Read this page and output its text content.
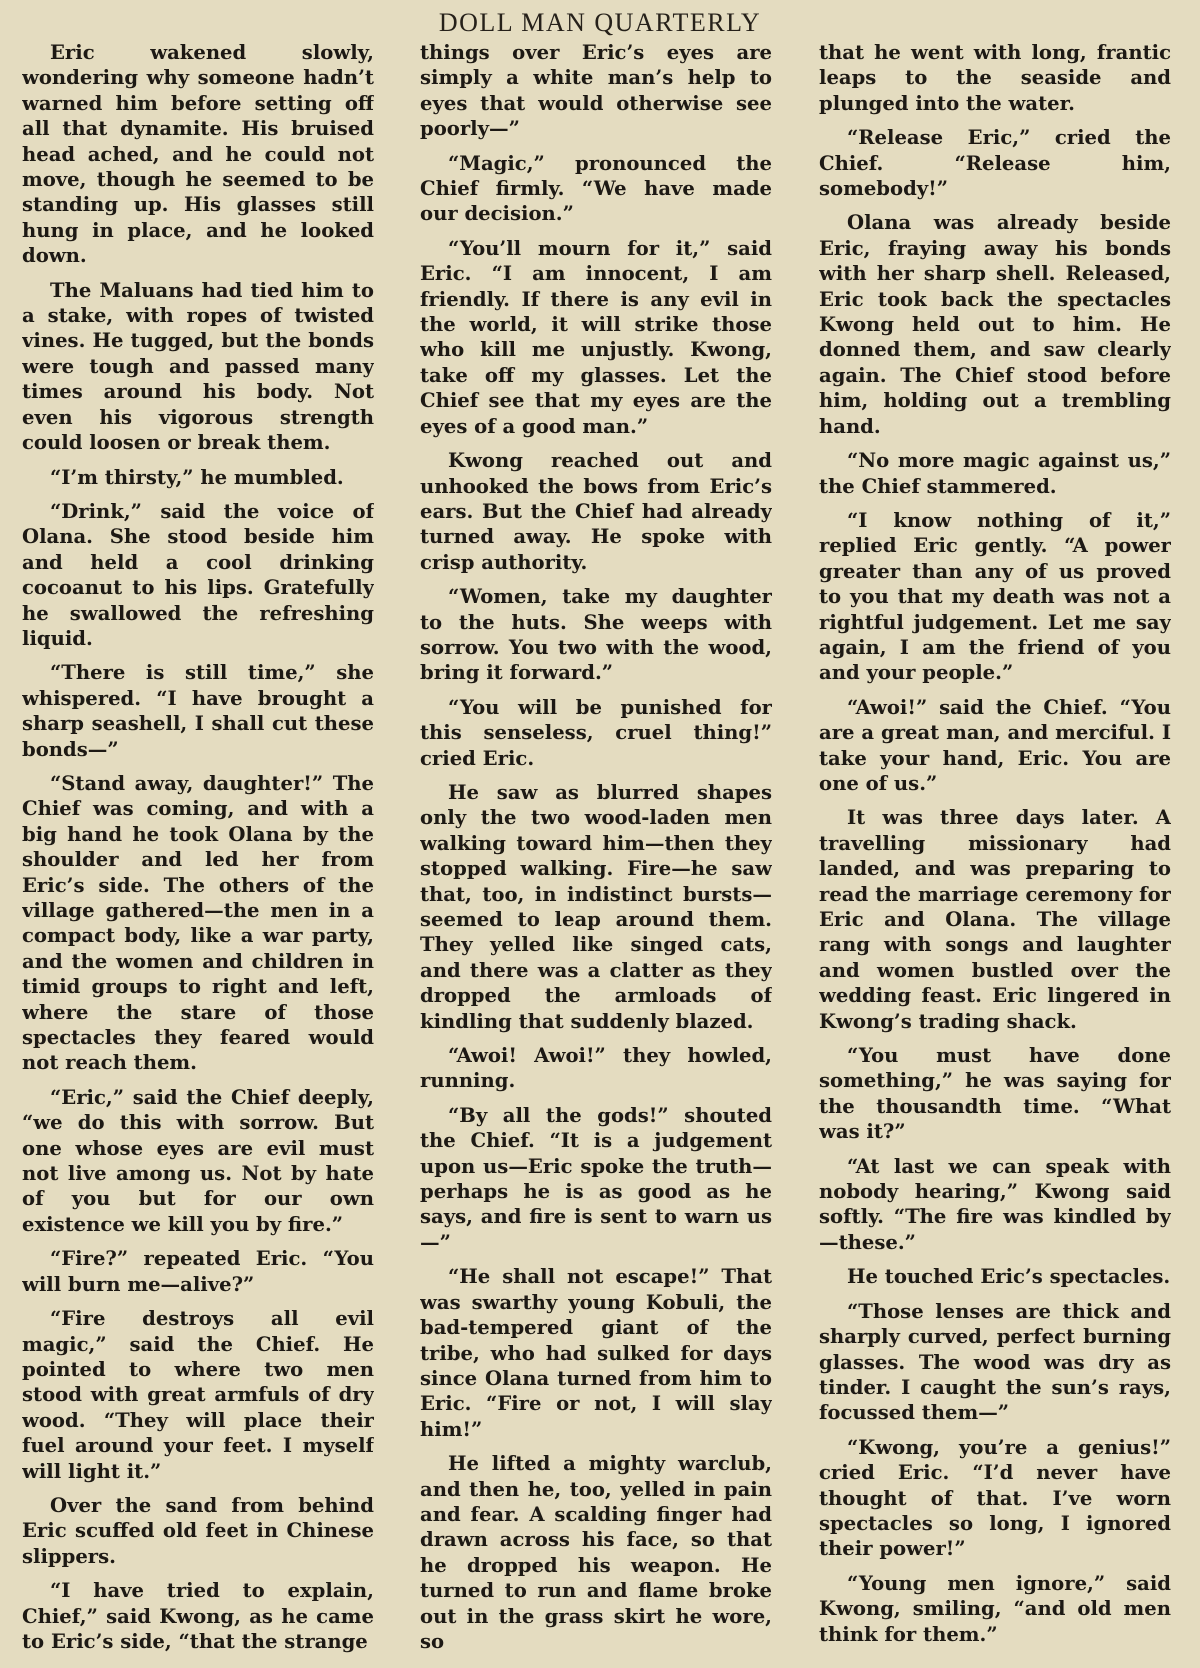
DOLL MAN QUARTERLY

Eric wakened slowly, wondering why someone hadn’t warned him before setting off all that dynamite. His bruised head ached, and he could not move, though he seemed to be standing up. His glasses still hung in place, and he looked down.

The Maluans had tied him to a stake, with ropes of twisted vines. He tugged, but the bonds were tough and passed many times around his body. Not even his vigorous strength could loosen or break them.

“I’m thirsty,” he mumbled.

“Drink,” said the voice of Olana. She stood beside him and held a cool drinking cocoanut to his lips. Gratefully he swallowed the refreshing liquid.

“There is still time,” she whispered. “I have brought a sharp seashell, I shall cut these bonds—”

“Stand away, daughter!” The Chief was coming, and with a big hand he took Olana by the shoulder and led her from Eric’s side. The others of the village gathered—the men in a compact body, like a war party, and the women and children in timid groups to right and left, where the stare of those spectacles they feared would not reach them.

“Eric,” said the Chief deeply, “we do this with sorrow. But one whose eyes are evil must not live among us. Not by hate of you but for our own existence we kill you by fire.”

“Fire?” repeated Eric. “You will burn me—alive?”

“Fire destroys all evil magic,” said the Chief. He pointed to where two men stood with great armfuls of dry wood. “They will place their fuel around your feet. I myself will light it.”

Over the sand from behind Eric scuffed old feet in Chinese slippers.

“I have tried to explain, Chief,” said Kwong, as he came to Eric’s side, “that the strange

things over Eric’s eyes are simply a white man’s help to eyes that would otherwise see poorly—”

“Magic,” pronounced the Chief firmly. “We have made our decision.”

“You’ll mourn for it,” said Eric. “I am innocent, I am friendly. If there is any evil in the world, it will strike those who kill me unjustly. Kwong, take off my glasses. Let the Chief see that my eyes are the eyes of a good man.”

Kwong reached out and unhooked the bows from Eric’s ears. But the Chief had already turned away. He spoke with crisp authority.

“Women, take my daughter to the huts. She weeps with sorrow. You two with the wood, bring it forward.”

“You will be punished for this senseless, cruel thing!” cried Eric.

He saw as blurred shapes only the two wood-laden men walking toward him—then they stopped walking. Fire—he saw that, too, in indistinct bursts—seemed to leap around them. They yelled like singed cats, and there was a clatter as they dropped the armloads of kindling that suddenly blazed.

“Awoi! Awoi!” they howled, running.

“By all the gods!” shouted the Chief. “It is a judgement upon us—Eric spoke the truth—perhaps he is as good as he says, and fire is sent to warn us—”

“He shall not escape!” That was swarthy young Kobuli, the bad-tempered giant of the tribe, who had sulked for days since Olana turned from him to Eric. “Fire or not, I will slay him!”

He lifted a mighty warclub, and then he, too, yelled in pain and fear. A scalding finger had drawn across his face, so that he dropped his weapon. He turned to run and flame broke out in the grass skirt he wore, so

that he went with long, frantic leaps to the seaside and plunged into the water.

“Release Eric,” cried the Chief. “Release him, somebody!”

Olana was already beside Eric, fraying away his bonds with her sharp shell. Released, Eric took back the spectacles Kwong held out to him. He donned them, and saw clearly again. The Chief stood before him, holding out a trembling hand.

“No more magic against us,” the Chief stammered.

“I know nothing of it,” replied Eric gently. “A power greater than any of us proved to you that my death was not a rightful judgement. Let me say again, I am the friend of you and your people.”

“Awoi!” said the Chief. “You are a great man, and merciful. I take your hand, Eric. You are one of us.”

It was three days later. A travelling missionary had landed, and was preparing to read the marriage ceremony for Eric and Olana. The village rang with songs and laughter and women bustled over the wedding feast. Eric lingered in Kwong’s trading shack.

“You must have done something,” he was saying for the thousandth time. “What was it?”

“At last we can speak with nobody hearing,” Kwong said softly. “The fire was kindled by—these.”

He touched Eric’s spectacles.

“Those lenses are thick and sharply curved, perfect burning glasses. The wood was dry as tinder. I caught the sun’s rays, focussed them—”

“Kwong, you’re a genius!” cried Eric. “I’d never have thought of that. I’ve worn spectacles so long, I ignored their power!”

“Young men ignore,” said Kwong, smiling, “and old men think for them.”
